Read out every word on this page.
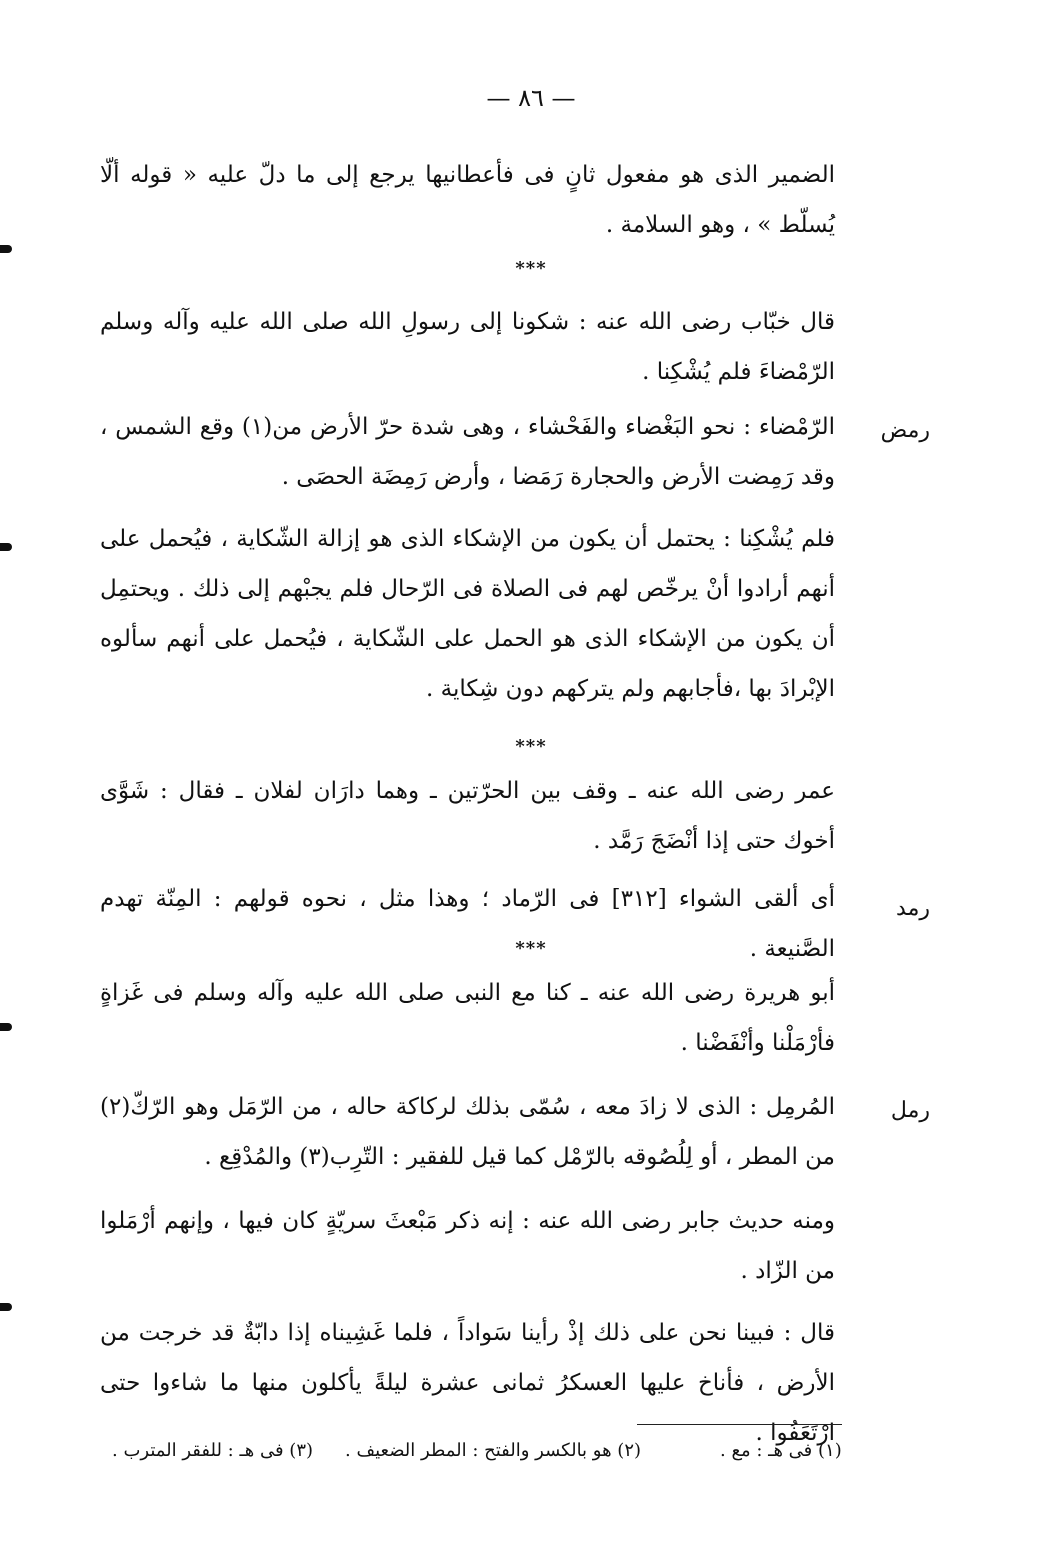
— ٨٦ —
الضمير الذى هو مفعول ثانٍ فى فأعطانيها يرجع إلى ما دلّ عليه « قوله ألّا يُسلّط » ، وهو السلامة .
***
قال خبّاب رضى الله عنه : شكونا إلى رسولِ الله صلى الله عليه وآله وسلم الرّمْضاءَ فلم يُشْكِنا .
رمض
الرّمْضاء : نحو البَغْضاء والفَحْشاء ، وهى شدة حرّ الأرض من(١) وقع الشمس ، وقد رَمِضت الأرض والحجارة رَمَضا ، وأرض رَمِضَة الحصَى .
فلم يُشْكِنا : يحتمل أن يكون من الإشكاء الذى هو إزالة الشّكاية ، فيُحمل على أنهم أرادوا أنْ يرخّص لهم فى الصلاة فى الرّحال فلم يجبْهم إلى ذلك . ويحتمِل أن يكون من الإشكاء الذى هو الحمل على الشّكاية ، فيُحمل على أنهم سألوه الإبْرادَ بها ،فأجابهم ولم يتركهم دون شِكاية .
***
عمر رضى الله عنه ـ وقف بين الحرّتين ـ وهما دارَان لفلان ـ فقال : شَوَّى أخوك حتى إذا أنْضَجَ رَمَّد .
رمد
أى ألقى الشواء [٣١٢] فى الرّماد ؛ وهذا مثل ، نحوه قولهم : المِنّة تهدم الصَّنيعة .
***
أبو هريرة رضى الله عنه ـ كنا مع النبى صلى الله عليه وآله وسلم فى غَزاةٍ فأرْمَلْنا وأنْفَضْنا .
رمل
المُرمِل : الذى لا زادَ معه ، سُمّى بذلك لركاكة حاله ، من الرّمَل وهو الرّكّ(٢) من المطر ، أو لِلُصُوقه بالرّمْل كما قيل للفقير : التّرِب(٣) والمُدْقِع .
ومنه حديث جابر رضى الله عنه : إنه ذكر مَبْعثَ سريّةٍ كان فيها ، وإنهم أرْمَلوا من الزّاد .
قال : فبينا نحن على ذلك إذْ رأينا سَواداً ، فلما غَشِيناه إذا دابّةٌ قد خرجت من الأرض ، فأناخ عليها العسكرُ ثمانى عشرة ليلةً يأكلون منها ما شاءوا حتى ارْتَعَفُوا .
(١) فى هـ : مع .
(٢) هو بالكسر والفتح : المطر الضعيف .
(٣) فى هـ : للفقر المترب .
